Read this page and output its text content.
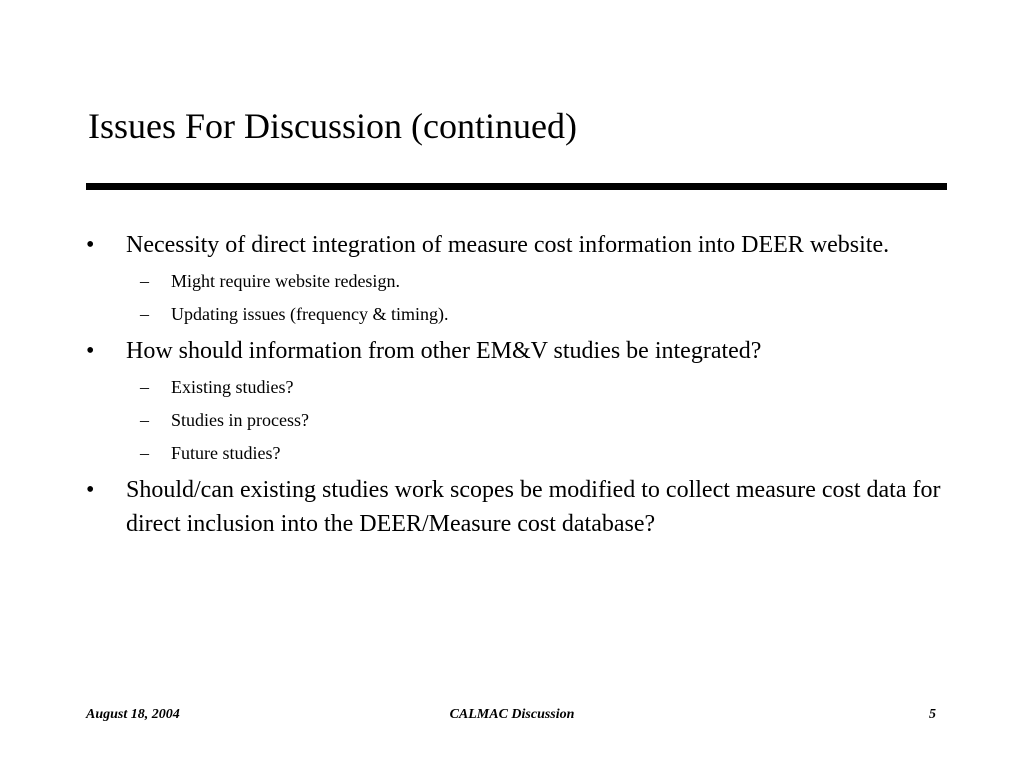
Issues For Discussion (continued)
• Necessity of direct integration of measure cost information into DEER website.
– Might require website redesign.
– Updating issues (frequency & timing).
• How should information from other EM&V studies be integrated?
– Existing studies?
– Studies in process?
– Future studies?
• Should/can existing studies work scopes be modified to collect measure cost data for direct inclusion into the DEER/Measure cost database?
August 18, 2004	CALMAC Discussion	5
